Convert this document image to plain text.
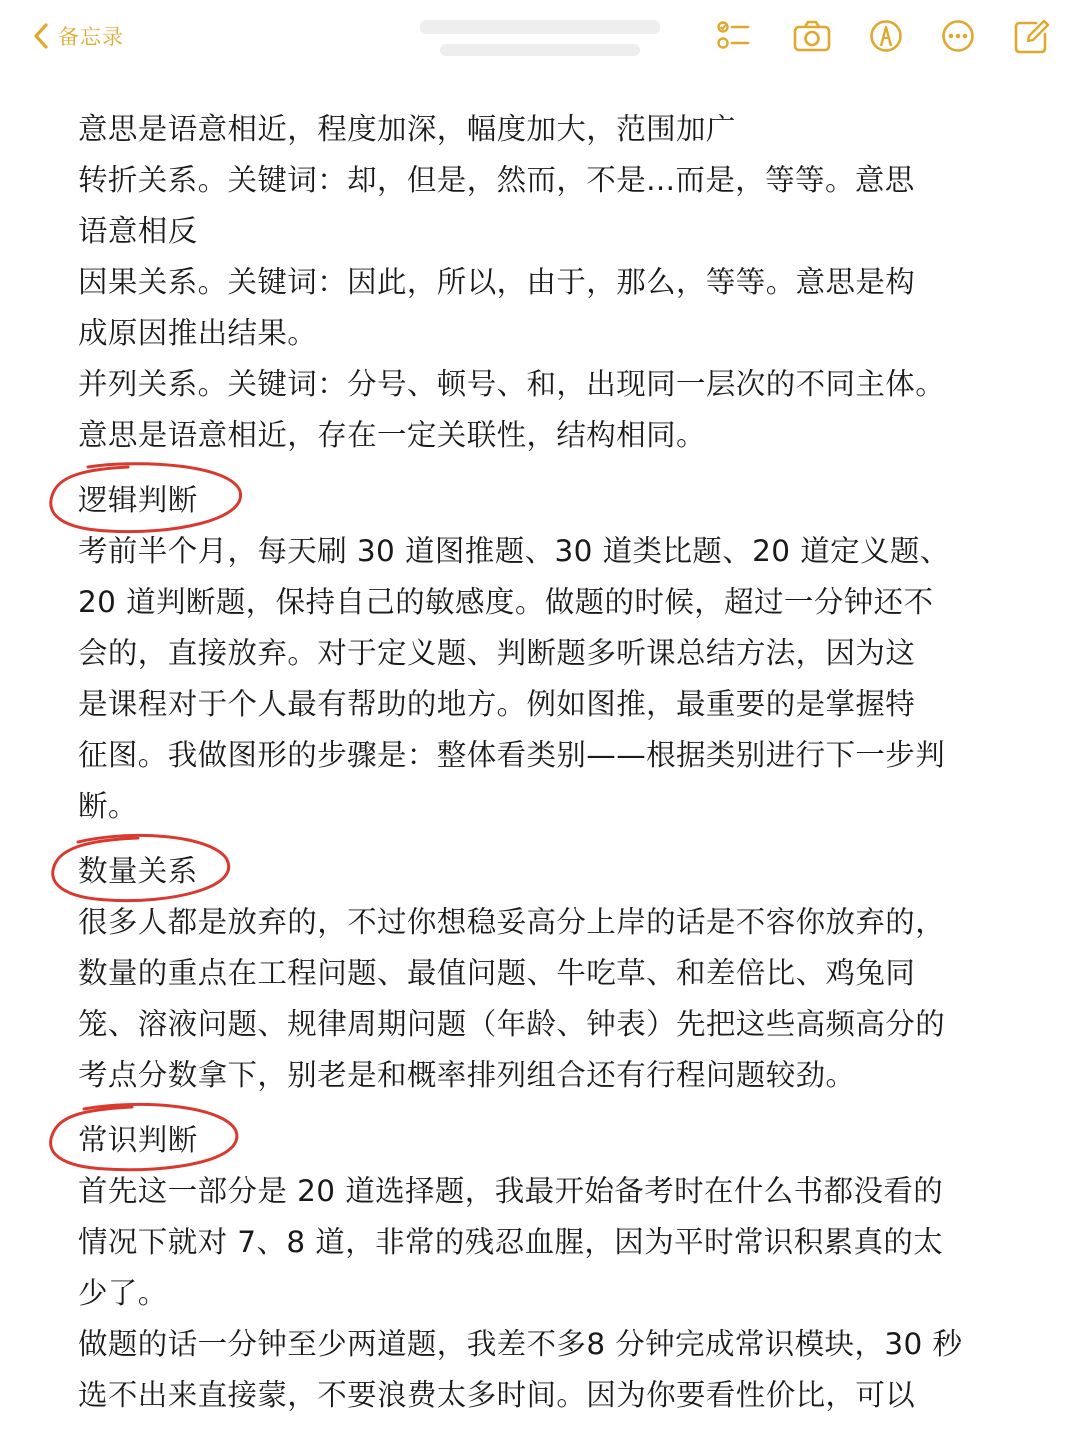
备忘录
意思是语意相近，程度加深，幅度加大，范围加广
转折关系。关键词：却，但是，然而，不是...而是，等等。意思
语意相反
因果关系。关键词：因此，所以，由于，那么，等等。意思是构
成原因推出结果。
并列关系。关键词：分号、顿号、和，出现同一层次的不同主体。
意思是语意相近，存在一定关联性，结构相同。
逻辑判断
考前半个月，每天刷 30 道图推题、30 道类比题、20 道定义题、
20 道判断题，保持自己的敏感度。做题的时候，超过一分钟还不
会的，直接放弃。对于定义题、判断题多听课总结方法，因为这
是课程对于个人最有帮助的地方。例如图推，最重要的是掌握特
征图。我做图形的步骤是：整体看类别——根据类别进行下一步判
断。
数量关系
很多人都是放弃的，不过你想稳妥高分上岸的话是不容你放弃的，
数量的重点在工程问题、最值问题、牛吃草、和差倍比、鸡兔同
笼、溶液问题、规律周期问题（年龄、钟表）先把这些高频高分的
考点分数拿下，别老是和概率排列组合还有行程问题较劲。
常识判断
首先这一部分是 20 道选择题，我最开始备考时在什么书都没看的
情况下就对 7、8 道，非常的残忍血腥，因为平时常识积累真的太
少了。
做题的话一分钟至少两道题，我差不多8 分钟完成常识模块，30 秒
选不出来直接蒙，不要浪费太多时间。因为你要看性价比，可以
